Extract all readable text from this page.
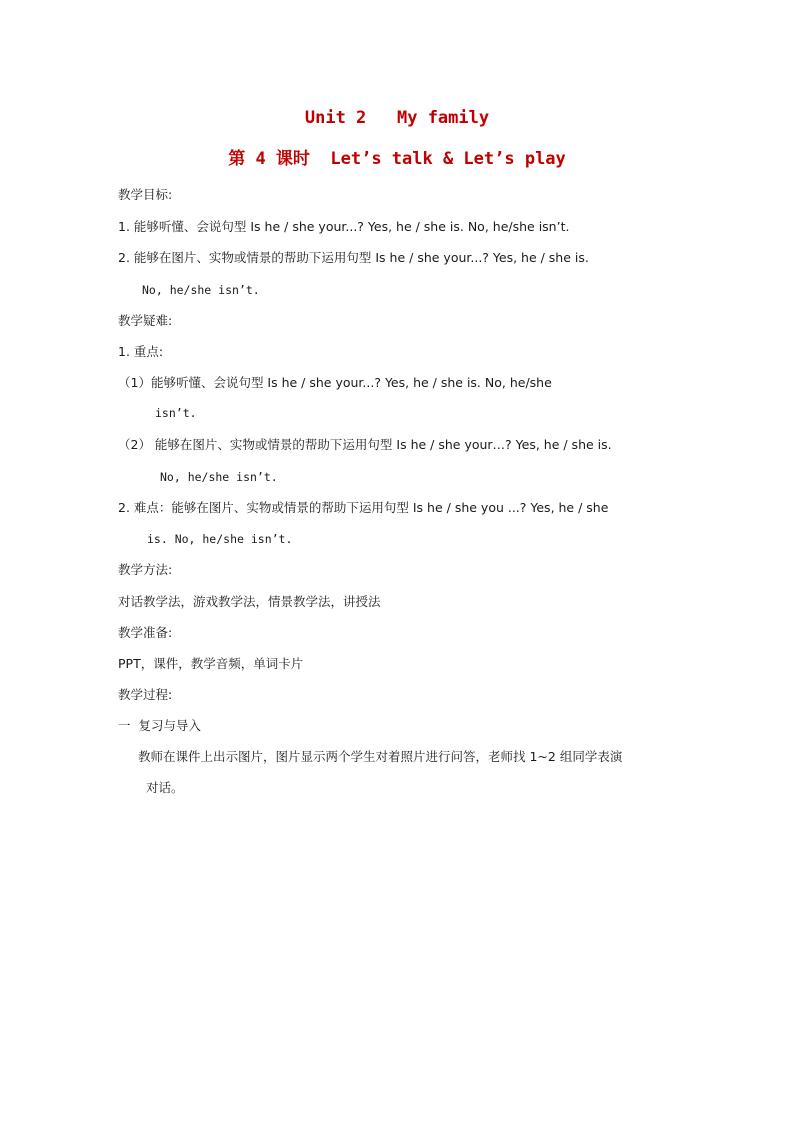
Unit 2   My family
第 4 课时  Let’s talk & Let’s play
教学目标:
1. 能够听懂、会说句型 Is he / she your...? Yes, he / she is. No, he/she isn’t.
2. 能够在图片、实物或情景的帮助下运用句型 Is he / she your...? Yes, he / she is.
No, he/she isn’t.
教学疑难:
1. 重点:
（1）能够听懂、会说句型 Is he / she your...? Yes, he / she is. No, he/she
isn’t.
（2） 能够在图片、实物或情景的帮助下运用句型 Is he / she your…? Yes, he / she is.
No, he/she isn’t.
2. 难点：能够在图片、实物或情景的帮助下运用句型 Is he / she you ...? Yes, he / she
is. No, he/she isn’t.
教学方法:
对话教学法，游戏教学法，情景教学法，讲授法
教学准备:
PPT，课件，教学音频，单词卡片
教学过程:
一  复习与导入
教师在课件上出示图片，图片显示两个学生对着照片进行问答，老师找 1~2 组同学表演
对话。
